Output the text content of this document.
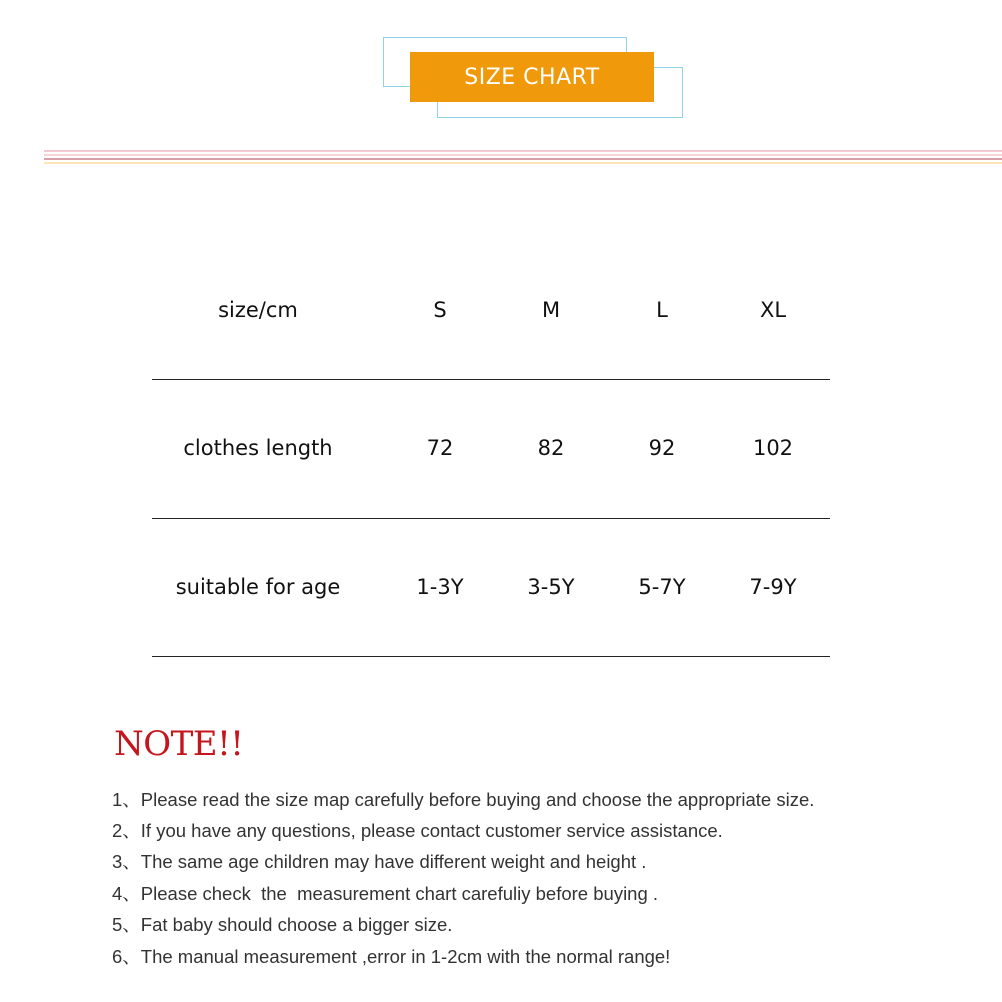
SIZE CHART
size/cm	S	M	L	XL
clothes length	72	82	92	102
suitable for age	1-3Y	3-5Y	5-7Y	7-9Y
NOTE!!
1、Please read the size map carefully before buying and choose the appropriate size.
2、If you have any questions, please contact customer service assistance.
3、The same age children may have different weight and height .
4、Please check  the  measurement chart carefuliy before buying .
5、Fat baby should choose a bigger size.
6、The manual measurement ,error in 1-2cm with the normal range!
